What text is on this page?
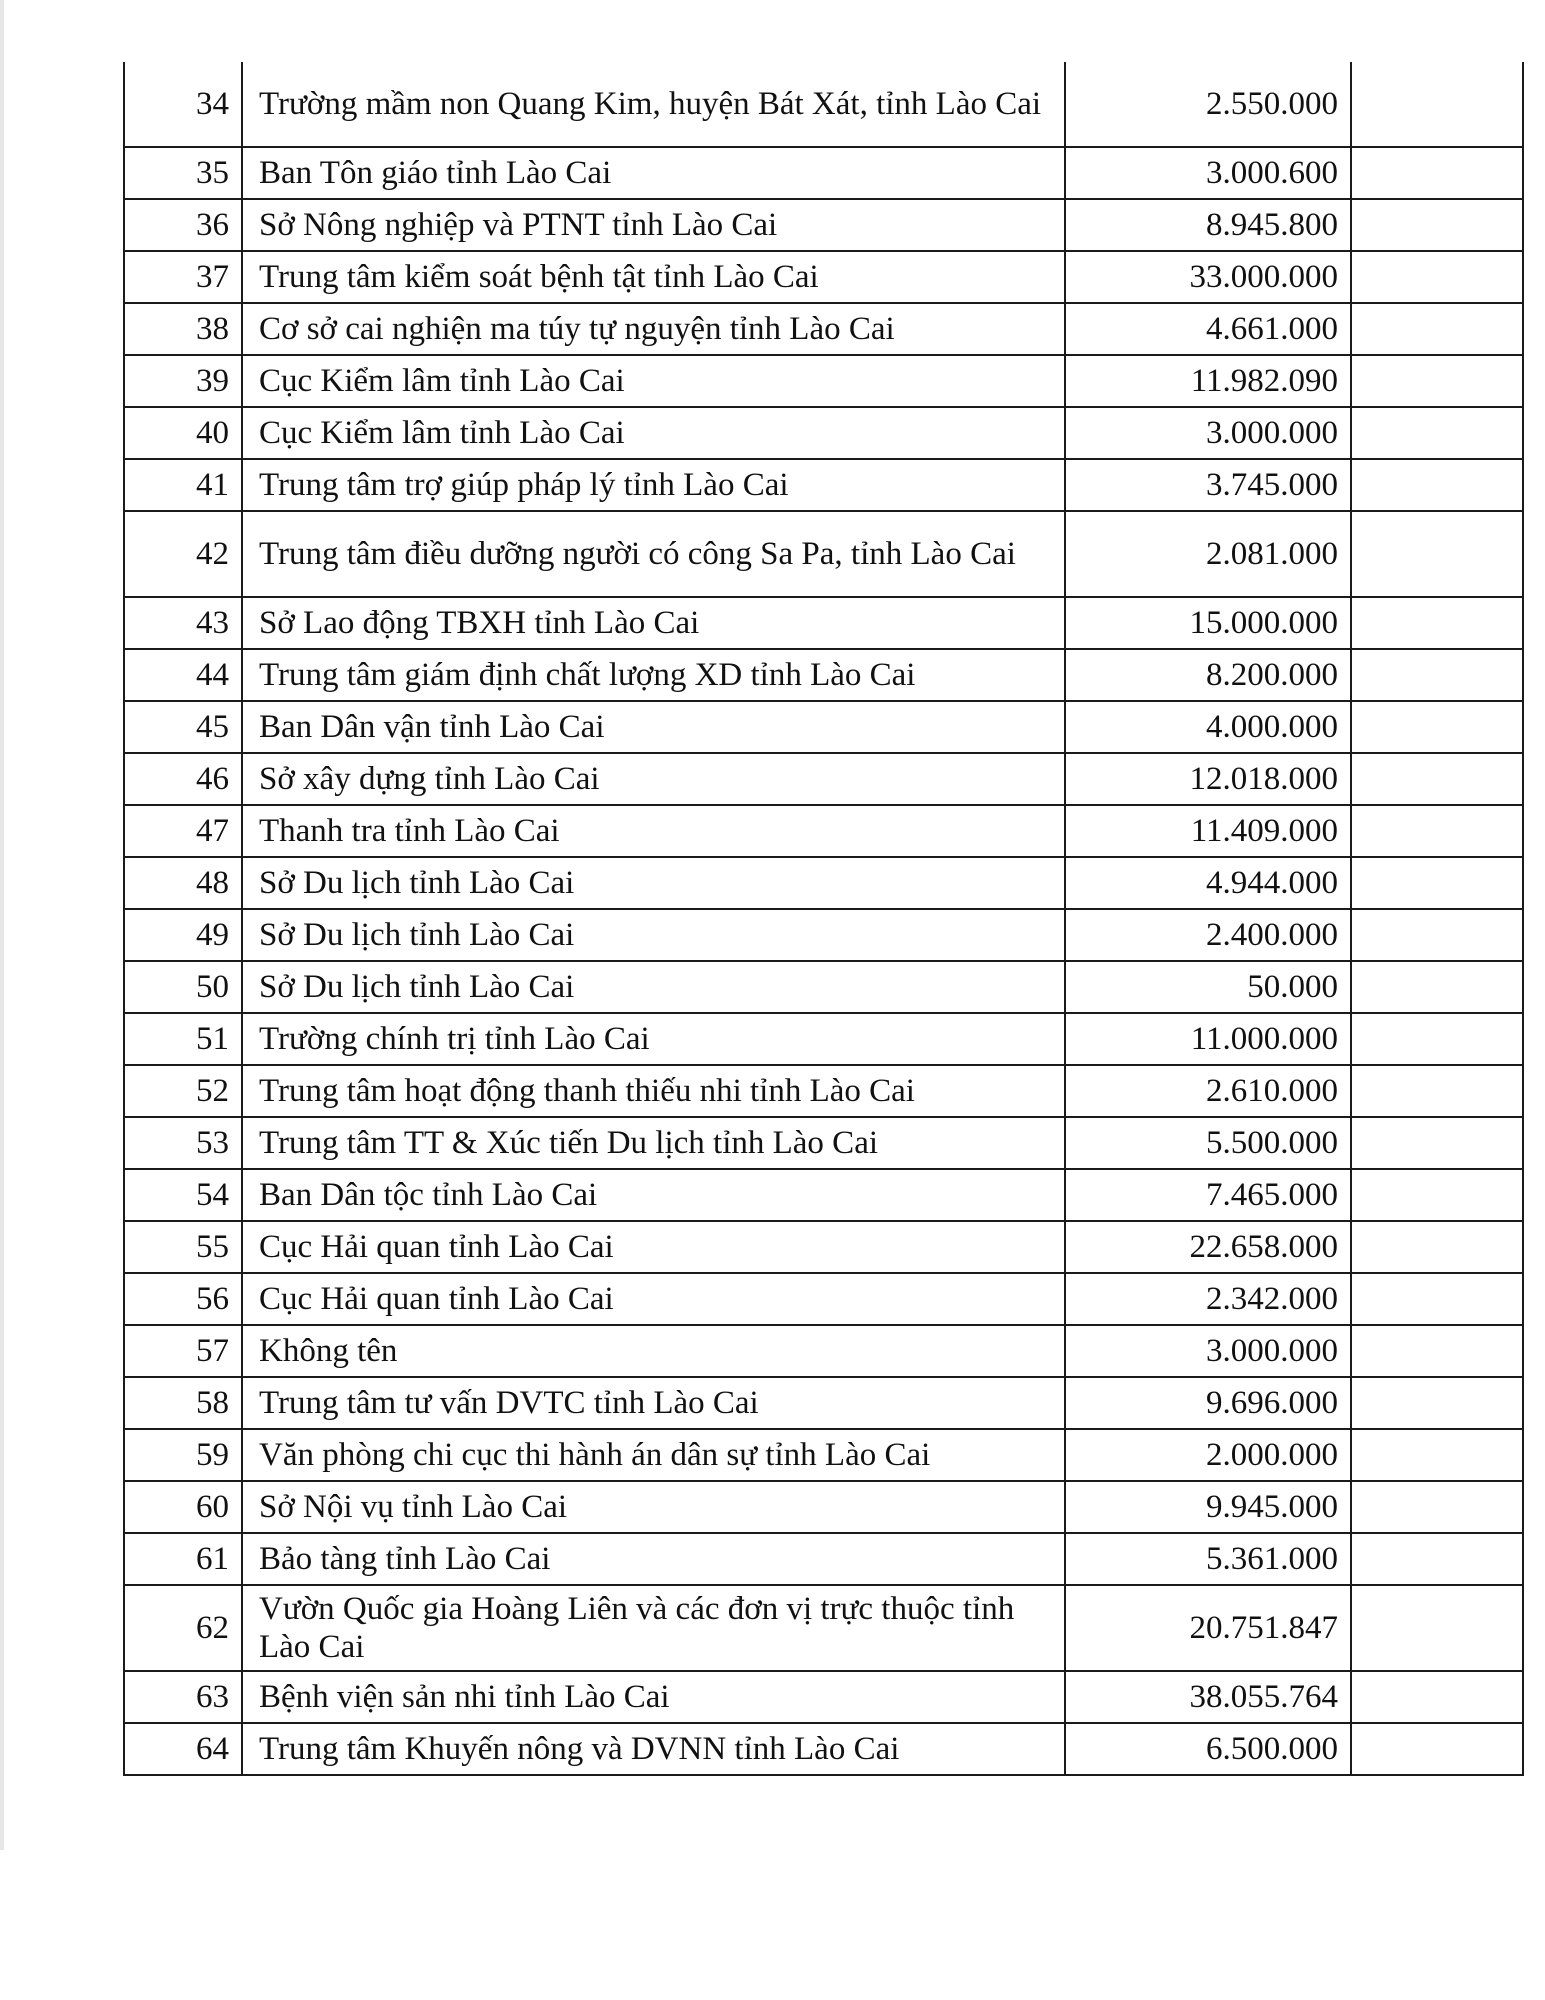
34	Trường mầm non Quang Kim, huyện Bát Xát, tỉnh Lào Cai	2.550.000	
35	Ban Tôn giáo tỉnh Lào Cai	3.000.600	
36	Sở Nông nghiệp và PTNT tỉnh Lào Cai	8.945.800	
37	Trung tâm kiểm soát bệnh tật tỉnh Lào Cai	33.000.000	
38	Cơ sở cai nghiện ma túy tự nguyện tỉnh Lào Cai	4.661.000	
39	Cục Kiểm lâm tỉnh Lào Cai	11.982.090	
40	Cục Kiểm lâm tỉnh Lào Cai	3.000.000	
41	Trung tâm trợ giúp pháp lý tỉnh Lào Cai	3.745.000	
42	Trung tâm điều dưỡng người có công Sa Pa, tỉnh Lào Cai	2.081.000	
43	Sở Lao động TBXH tỉnh Lào Cai	15.000.000	
44	Trung tâm giám định chất lượng XD tỉnh Lào Cai	8.200.000	
45	Ban Dân vận tỉnh Lào Cai	4.000.000	
46	Sở xây dựng tỉnh Lào Cai	12.018.000	
47	Thanh tra tỉnh Lào Cai	11.409.000	
48	Sở Du lịch tỉnh Lào Cai	4.944.000	
49	Sở Du lịch tỉnh Lào Cai	2.400.000	
50	Sở Du lịch tỉnh Lào Cai	50.000	
51	Trường chính trị tỉnh Lào Cai	11.000.000	
52	Trung tâm hoạt động thanh thiếu nhi tỉnh Lào Cai	2.610.000	
53	Trung tâm TT & Xúc tiến Du lịch tỉnh Lào Cai	5.500.000	
54	Ban Dân tộc tỉnh Lào Cai	7.465.000	
55	Cục Hải quan tỉnh Lào Cai	22.658.000	
56	Cục Hải quan tỉnh Lào Cai	2.342.000	
57	Không tên	3.000.000	
58	Trung tâm tư vấn DVTC tỉnh Lào Cai	9.696.000	
59	Văn phòng chi cục thi hành án dân sự tỉnh Lào Cai	2.000.000	
60	Sở Nội vụ tỉnh Lào Cai	9.945.000	
61	Bảo tàng tỉnh Lào Cai	5.361.000	
62	Vườn Quốc gia Hoàng Liên và các đơn vị trực thuộc tỉnh Lào Cai	20.751.847	
63	Bệnh viện sản nhi tỉnh Lào Cai	38.055.764	
64	Trung tâm Khuyến nông và DVNN tỉnh Lào Cai	6.500.000	
